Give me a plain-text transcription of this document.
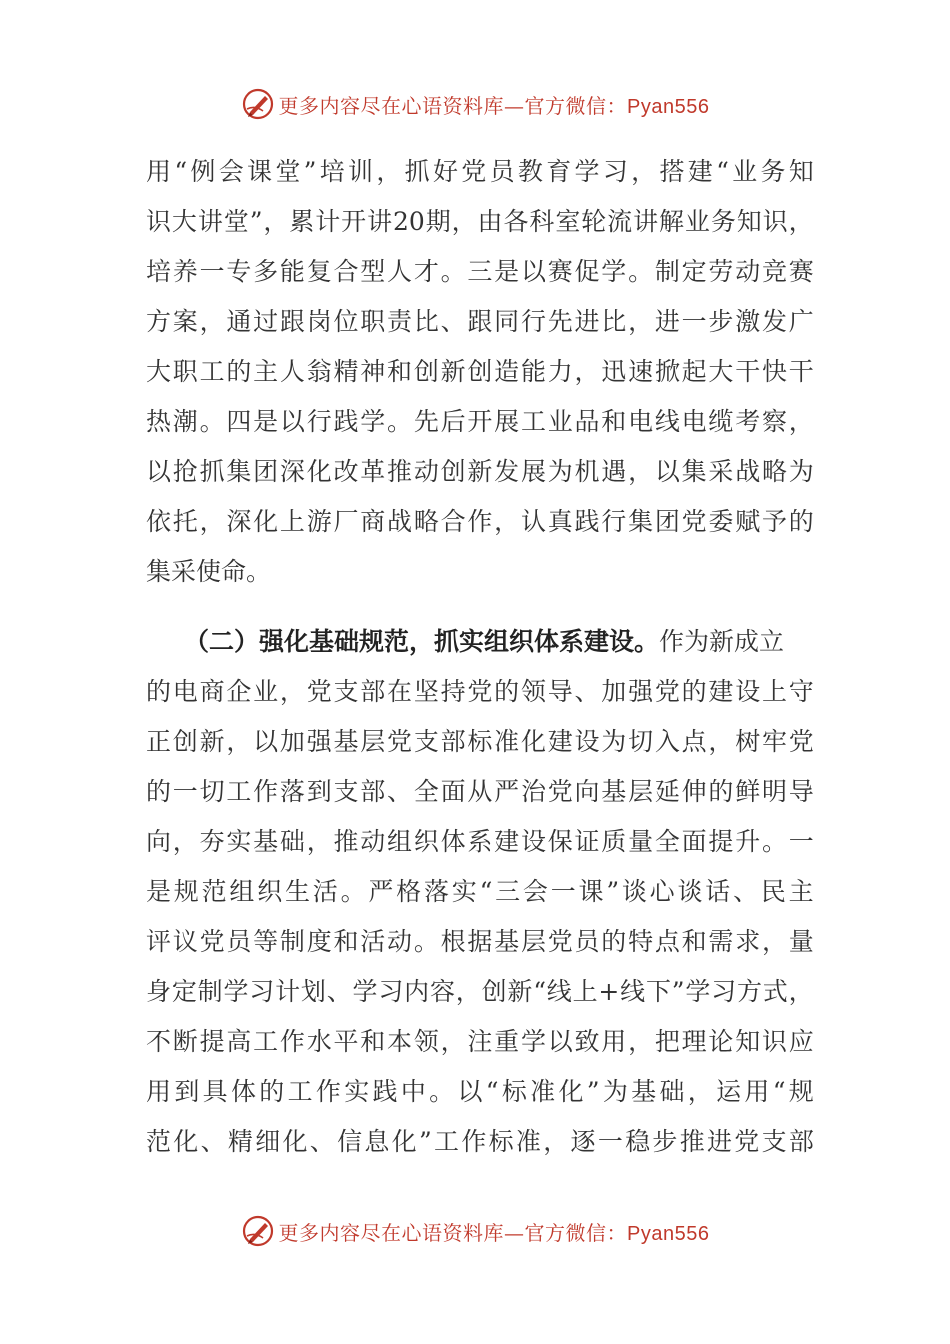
更多内容尽在心语资料库—官方微信：Pyan556
用 “ 例 会 课 堂 ” 培 训 ， 抓 好 党 员 教 育 学 习 ， 搭 建 “ 业 务 知
识 大 讲 堂 ” ， 累 计 开 讲 20 期 ， 由 各 科 室 轮 流 讲 解 业 务 知 识 ，
培 养 一 专 多 能 复 合 型 人 才 。 三 是 以 赛 促 学 。 制 定 劳 动 竞 赛
方 案 ， 通 过 跟 岗 位 职 责 比 、 跟 同 行 先 进 比 ， 进 一 步 激 发 广
大 职 工 的 主 人 翁 精 神 和 创 新 创 造 能 力 ， 迅 速 掀 起 大 干 快 干
热 潮 。 四 是 以 行 践 学 。 先 后 开 展 工 业 品 和 电 线 电 缆 考 察 ，
以 抢 抓 集 团 深 化 改 革 推 动 创 新 发 展 为 机 遇 ， 以 集 采 战 略 为
依 托 ， 深 化 上 游 厂 商 战 略 合 作 ， 认 真 践 行 集 团 党 委 赋 予 的
集采使命。
（二）强化基础规范，抓实组织体系建设。 作为新成立
的 电 商 企 业 ， 党 支 部 在 坚 持 党 的 领 导 、 加 强 党 的 建 设 上 守
正 创 新 ， 以 加 强 基 层 党 支 部 标 准 化 建 设 为 切 入 点 ， 树 牢 党
的 一 切 工 作 落 到 支 部 、 全 面 从 严 治 党 向 基 层 延 伸 的 鲜 明 导
向 ， 夯 实 基 础 ， 推 动 组 织 体 系 建 设 保 证 质 量 全 面 提 升 。 一
是 规 范 组 织 生 活 。 严 格 落 实 “ 三 会 一 课 ” 谈 心 谈 话 、 民 主
评 议 党 员 等 制 度 和 活 动 。 根 据 基 层 党 员 的 特 点 和 需 求 ， 量
身 定 制 学 习 计 划 、 学 习 内 容 ， 创 新 “ 线 上 + 线 下 ” 学 习 方 式 ，
不 断 提 高 工 作 水 平 和 本 领 ， 注 重 学 以 致 用 ， 把 理 论 知 识 应
用 到 具 体 的 工 作 实 践 中 。 以 “ 标 准 化 ” 为 基 础 ， 运 用 “ 规
范 化 、 精 细 化 、 信 息 化 ” 工 作 标 准 ， 逐 一 稳 步 推 进 党 支 部
更多内容尽在心语资料库—官方微信：Pyan556
